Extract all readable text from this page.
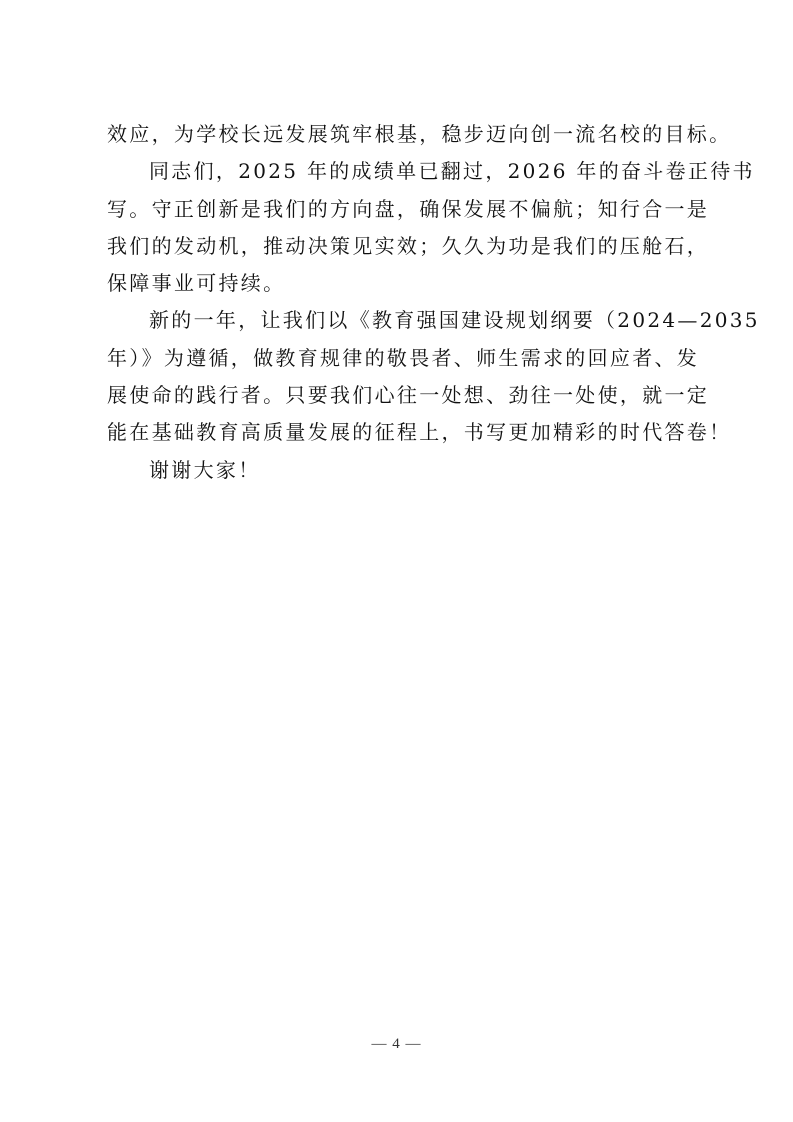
效应，为学校长远发展筑牢根基，稳步迈向创一流名校的目标。
同志们，2025 年的成绩单已翻过，2026 年的奋斗卷正待书
写。守正创新是我们的方向盘，确保发展不偏航；知行合一是
我们的发动机，推动决策见实效；久久为功是我们的压舱石，
保障事业可持续。
新的一年，让我们以《教育强国建设规划纲要（2024—2035
年）》为遵循，做教育规律的敬畏者、师生需求的回应者、发
展使命的践行者。只要我们心往一处想、劲往一处使，就一定
能在基础教育高质量发展的征程上，书写更加精彩的时代答卷！
谢谢大家！
— 4 —
